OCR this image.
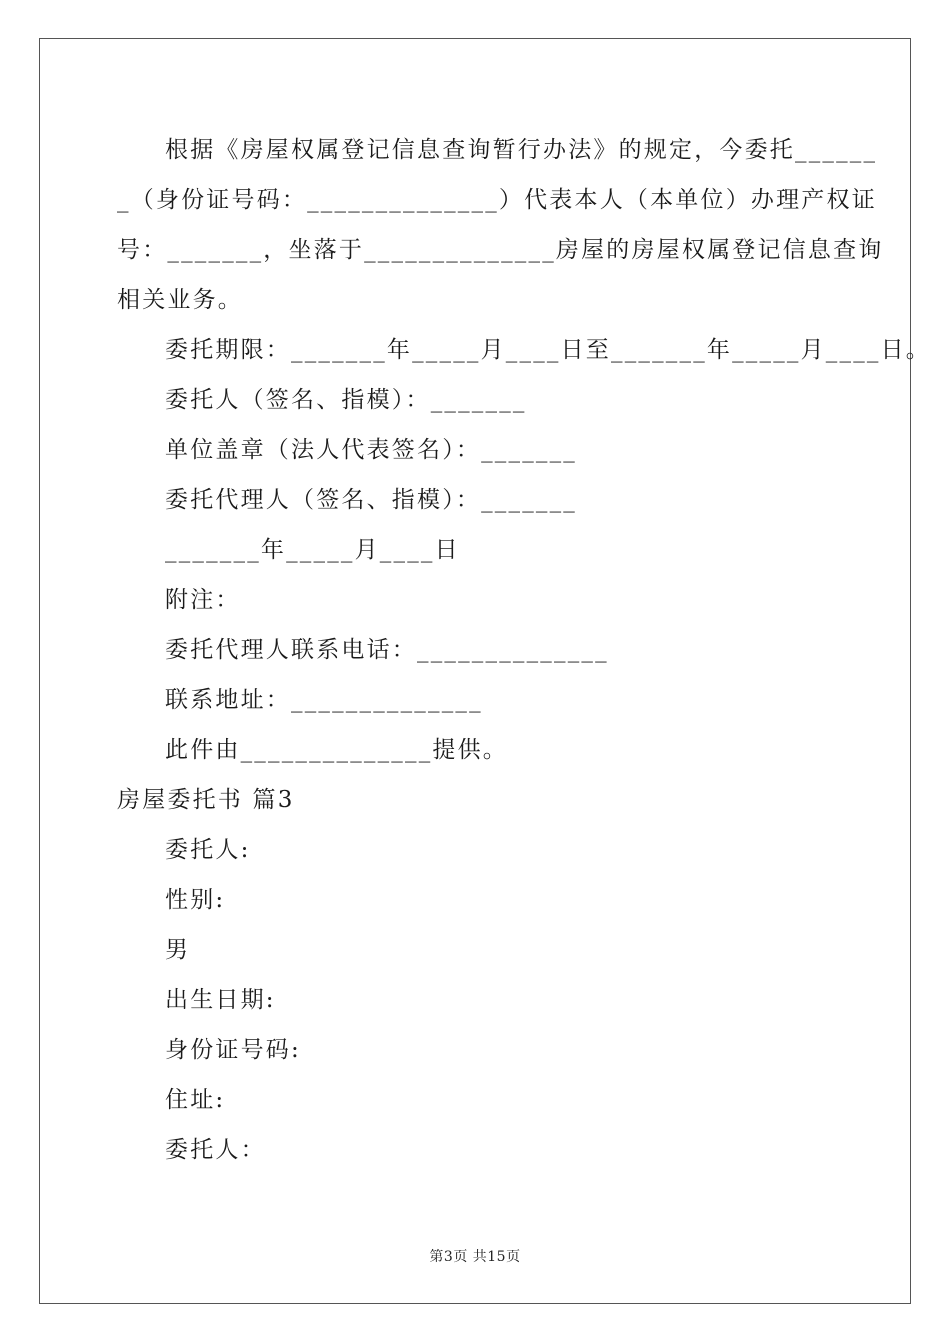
根据《房屋权属登记信息查询暂行办法》的规定，今委托______
_（身份证号码：______________）代表本人（本单位）办理产权证
号：_______，坐落于______________房屋的房屋权属登记信息查询
相关业务。
委托期限：_______年_____月____日至_______年_____月____日。
委托人（签名、指模）：_______
单位盖章（法人代表签名）：_______
委托代理人（签名、指模）：_______
_______年_____月____日
附注：
委托代理人联系电话：______________
联系地址：______________
此件由______________提供。
房屋委托书 篇3
委托人:
性别:
男
出生日期:
身份证号码:
住址:
委托人：
第3页 共15页
